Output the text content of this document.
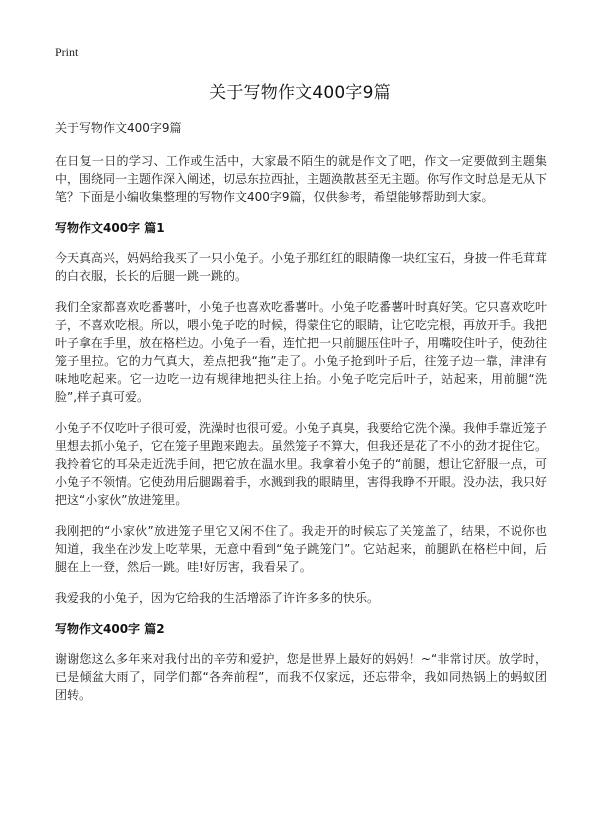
Print
关于写物作文400字9篇

关于写物作文400字9篇

在日复一日的学习、工作或生活中，大家最不陌生的就是作文了吧，作文一定要做到主题集中，围绕同一主题作深入阐述，切忌东拉西扯，主题涣散甚至无主题。你写作文时总是无从下笔？下面是小编收集整理的写物作文400字9篇，仅供参考，希望能够帮助到大家。

写物作文400字 篇1

今天真高兴，妈妈给我买了一只小兔子。小兔子那红红的眼睛像一块红宝石，身披一件毛茸茸的白衣服，长长的后腿一跳一跳的。

我们全家都喜欢吃番薯叶，小兔子也喜欢吃番薯叶。小兔子吃番薯叶时真好笑。它只喜欢吃叶子，不喜欢吃根。所以，喂小兔子吃的时候，得蒙住它的眼睛，让它吃完根，再放开手。我把叶子拿在手里，放在格栏边。小兔子一看，连忙把一只前腿压住叶子，用嘴咬住叶子，使劲往笼子里拉。它的力气真大，差点把我“拖”走了。小兔子抢到叶子后，往笼子边一靠，津津有味地吃起来。它一边吃一边有规律地把头往上抬。小兔子吃完后叶子，站起来，用前腿“洗脸”,样子真可爱。

小兔子不仅吃叶子很可爱，洗澡时也很可爱。小兔子真臭，我要给它洗个澡。我伸手靠近笼子里想去抓小兔子，它在笼子里跑来跑去。虽然笼子不算大，但我还是花了不小的劲才捉住它。我拎着它的耳朵走近洗手间，把它放在温水里。我拿着小兔子的“前腿，想让它舒服一点，可小兔子不领情。它使劲用后腿踢着手，水溅到我的眼睛里，害得我睁不开眼。没办法，我只好把这“小家伙”放进笼里。

我刚把的“小家伙”放进笼子里它又闲不住了。我走开的时候忘了关笼盖了，结果，不说你也知道，我坐在沙发上吃苹果，无意中看到“兔子跳笼门”。它站起来，前腿趴在格栏中间，后腿在上一登，然后一跳。哇!好厉害，我看呆了。

我爱我的小兔子，因为它给我的生活增添了许许多多的快乐。

写物作文400字 篇2

谢谢您这么多年来对我付出的辛劳和爱护，您是世界上最好的妈妈！~“非常讨厌。放学时，已是倾盆大雨了，同学们都“各奔前程”，而我不仅家远，还忘带伞，我如同热锅上的蚂蚁团团转。
